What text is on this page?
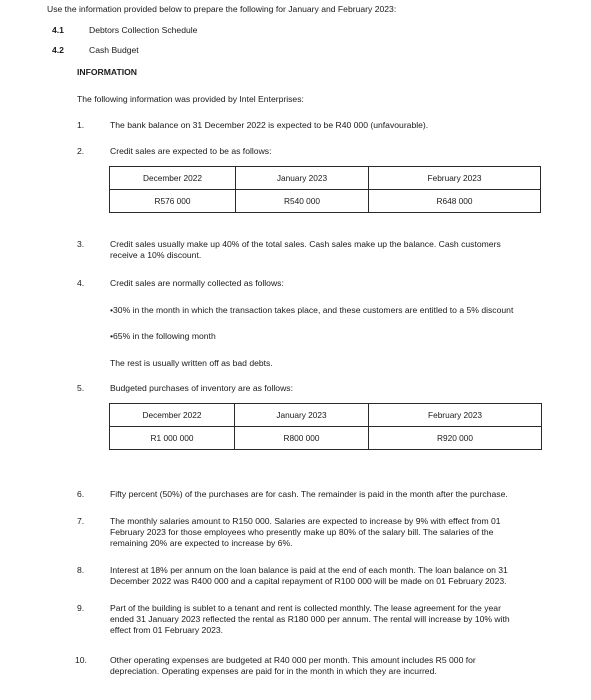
Use the information provided below to prepare the following for January and February 2023:
4.1	Debtors Collection Schedule
4.2	Cash Budget
INFORMATION
The following information was provided by Intel Enterprises:
1.	The bank balance on 31 December 2022 is expected to be R40 000 (unfavourable).
2.	Credit sales are expected to be as follows:
December 2022	January 2023	February 2023
R576 000	R540 000	R648 000
3.	Credit sales usually make up 40% of the total sales. Cash sales make up the balance. Cash customers
receive a 10% discount.
4.	Credit sales are normally collected as follows:
•30% in the month in which the transaction takes place, and these customers are entitled to a 5% discount
•65% in the following month
The rest is usually written off as bad debts.
5.	Budgeted purchases of inventory are as follows:
December 2022	January 2023	February 2023
R1 000 000	R800 000	R920 000
6.	Fifty percent (50%) of the purchases are for cash. The remainder is paid in the month after the purchase.
7.	The monthly salaries amount to R150 000. Salaries are expected to increase by 9% with effect from 01
February 2023 for those employees who presently make up 80% of the salary bill. The salaries of the
remaining 20% are expected to increase by 6%.
8.	Interest at 18% per annum on the loan balance is paid at the end of each month. The loan balance on 31
December 2022 was R400 000 and a capital repayment of R100 000 will be made on 01 February 2023.
9.	Part of the building is sublet to a tenant and rent is collected monthly. The lease agreement for the year
ended 31 January 2023 reflected the rental as R180 000 per annum. The rental will increase by 10% with
effect from 01 February 2023.
10.	Other operating expenses are budgeted at R40 000 per month. This amount includes R5 000 for
depreciation. Operating expenses are paid for in the month in which they are incurred.
